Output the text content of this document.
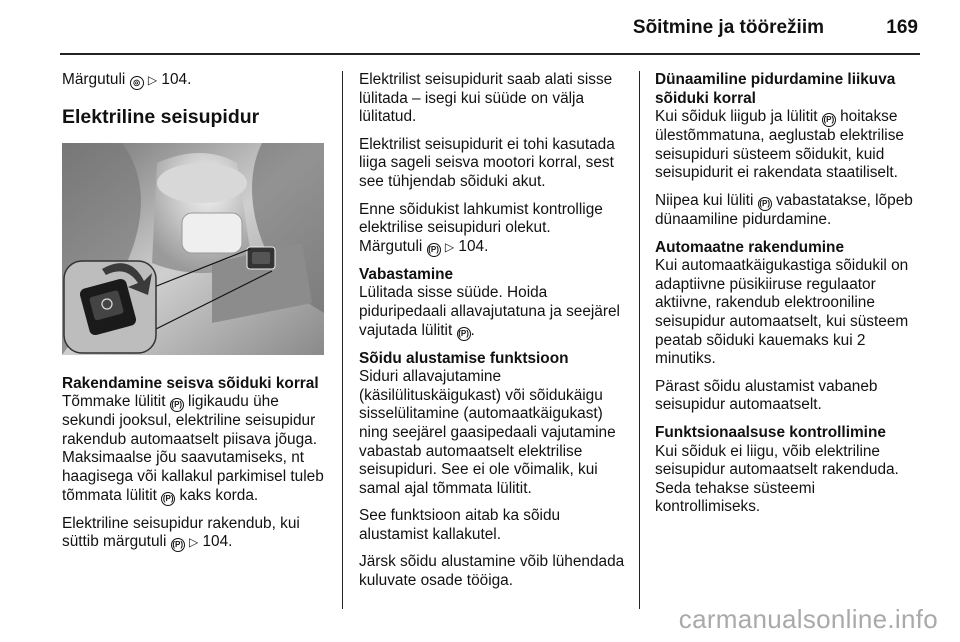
Sõitmine ja töörežiim	169

Märgutuli ◎ ▷ 104.

Elektriline seisupidur

Rakendamine seisva sõiduki korral
Tõmmake lülitit (P) ligikaudu ühe sekundi jooksul, elektriline seisupidur rakendub automaatselt piisava jõuga. Maksimaalse jõu saavutamiseks, nt haagisega või kallakul parkimisel tuleb tõmmata lülitit (P) kaks korda.

Elektriline seisupidur rakendub, kui süttib märgutuli (P) ▷ 104.

Elektrilist seisupidurit saab alati sisse lülitada – isegi kui süüde on välja lülitatud.

Elektrilist seisupidurit ei tohi kasutada liiga sageli seisva mootori korral, sest see tühjendab sõiduki akut.

Enne sõidukist lahkumist kontrollige elektrilise seisupiduri olekut.
Märgutuli (P) ▷ 104.

Vabastamine
Lülitada sisse süüde. Hoida piduripedaali allavajutatuna ja seejärel vajutada lülitit (P) .

Sõidu alustamise funktsioon
Siduri allavajutamine (käsilülituskäigukast) või sõidukäigu sisselülitamine (automaatkäigukast) ning seejärel gaasipedaali vajutamine vabastab automaatselt elektrilise seisupiduri. See ei ole võimalik, kui samal ajal tõmmata lülitit.

See funktsioon aitab ka sõidu alustamist kallakutel.

Järsk sõidu alustamine võib lühendada kuluvate osade tööiga.

Dünaamiline pidurdamine liikuva sõiduki korral
Kui sõiduk liigub ja lülitit (P) hoitakse ülestõmmatuna, aeglustab elektrilise seisupiduri süsteem sõidukit, kuid seisupidurit ei rakendata staatiliselt.

Niipea kui lüliti (P) vabastatakse, lõpeb dünaamiline pidurdamine.

Automaatne rakendumine
Kui automaatkäigukastiga sõidukil on adaptiivne püsikiiruse regulaator aktiivne, rakendub elektrooniline seisupidur automaatselt, kui süsteem peatab sõiduki kauemaks kui 2 minutiks.

Pärast sõidu alustamist vabaneb seisupidur automaatselt.

Funktsionaalsuse kontrollimine
Kui sõiduk ei liigu, võib elektriline seisupidur automaatselt rakenduda. Seda tehakse süsteemi kontrollimiseks.

carmanualsonline.info
